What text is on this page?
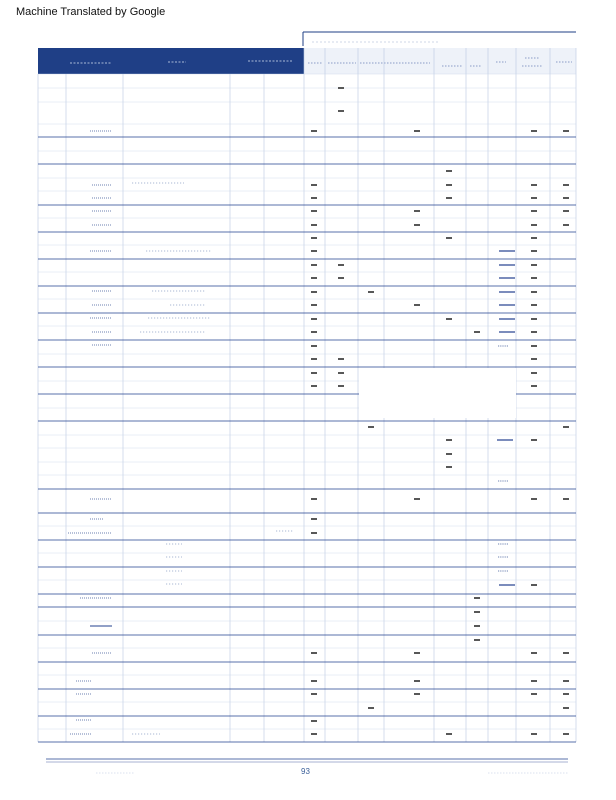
Machine Translated by Google
93
